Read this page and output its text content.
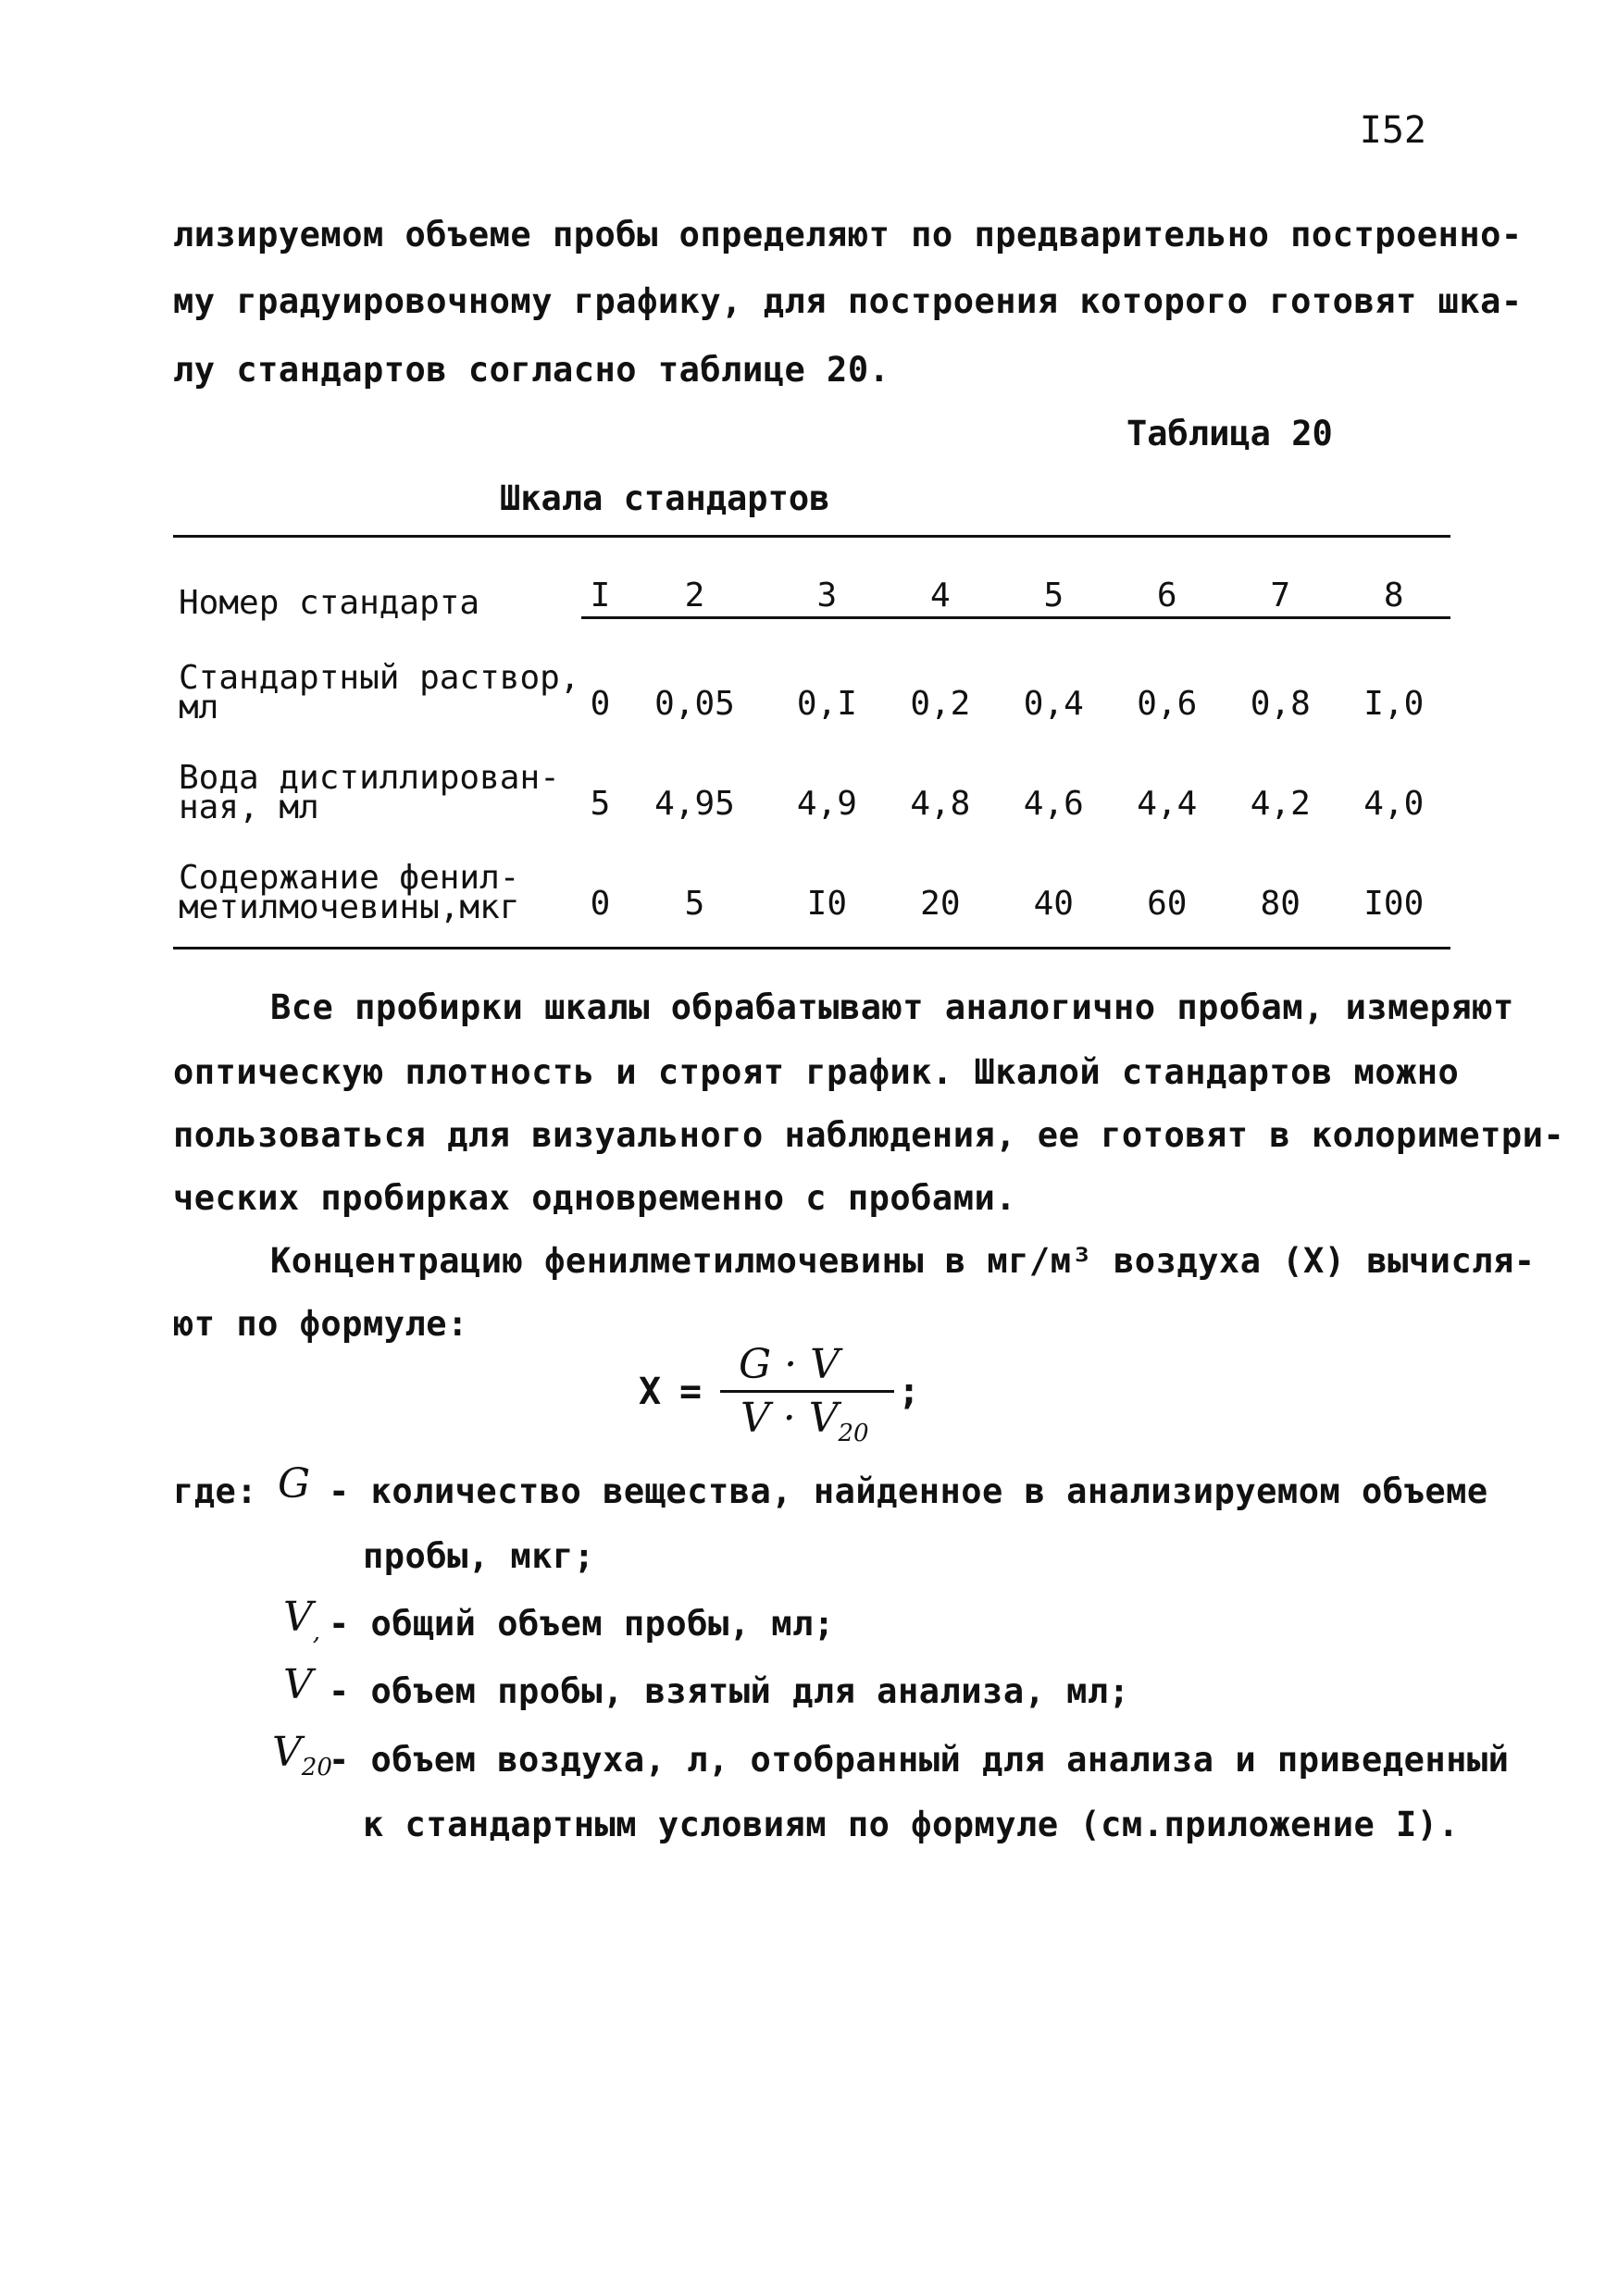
I52
лизируемом объеме пробы определяют по предварительно построенно-
му градуировочному графику, для построения которого готовят шка-
лу стандартов согласно таблице 20.
Таблица 20
Шкала стандартов
Номер стандарта	I	2	3	4	5	6	7	8

Стандартный раствор,
мл	0	0,05	0,I	0,2	0,4	0,6	0,8	I,0

Вода дистиллирован-
ная, мл	5	4,95	4,9	4,8	4,6	4,4	4,2	4,0

Содержание фенил-
метилмочевины,мкг	0	5	I0	20	40	60	80	I00
Все пробирки шкалы обрабатывают аналогично пробам, измеряют
оптическую плотность и строят график. Шкалой стандартов можно
пользоваться для визуального наблюдения, ее готовят в колориметри-
ческих пробирках одновременно с пробами.
Концентрацию фенилметилмочевины в мг/м³ воздуха (X) вычисля-
ют по формуле:
X =
G · V
$V \cdot V_{20}$
;
где: G - количество вещества, найденное в анализируемом объеме
пробы, мкг;
$V_,$ - общий объем пробы, мл;
V - объем пробы, взятый для анализа, мл;
$V_{20}$
- объем воздуха, л, отобранный для анализа и приведенный
к стандартным условиям по формуле (см.приложение I).
